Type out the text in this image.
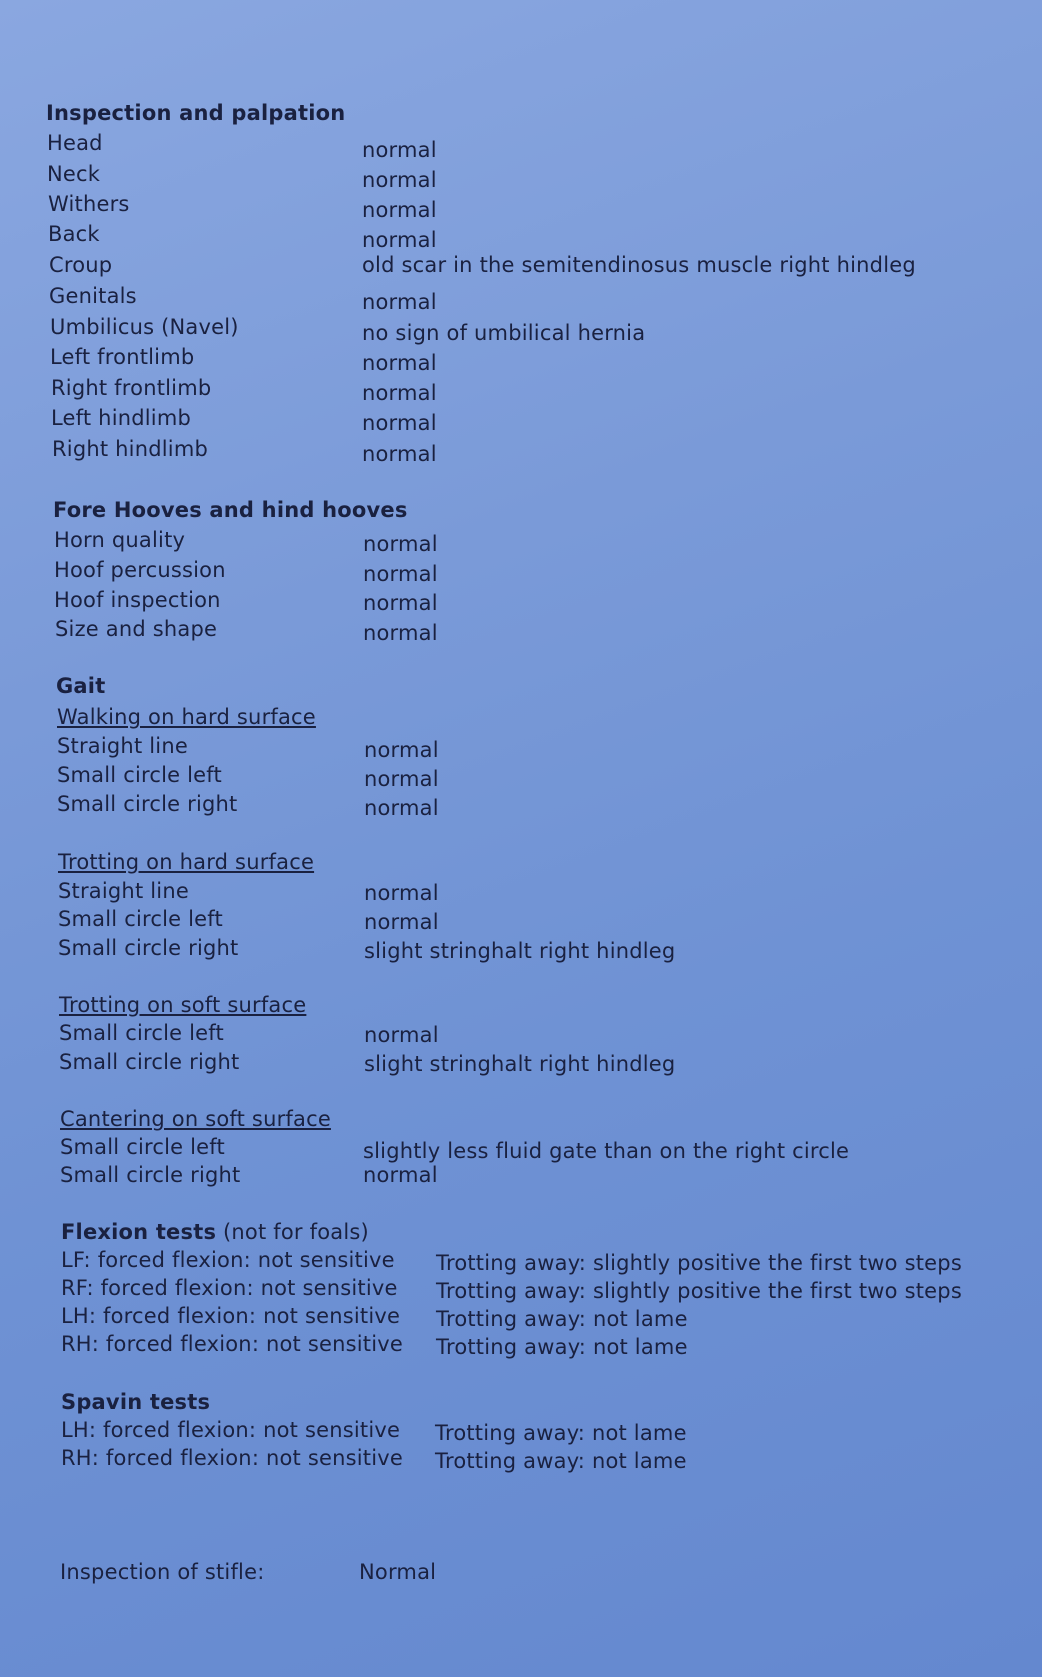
Inspection and palpation
Head	normal
Neck	normal
Withers	normal
Back	normal
Croup	old scar in the semitendinosus muscle right hindleg
Genitals	normal
Umbilicus (Navel)	no sign of umbilical hernia
Left frontlimb	normal
Right frontlimb	normal
Left hindlimb	normal
Right hindlimb	normal
Fore Hooves and hind hooves
Horn quality	normal
Hoof percussion	normal
Hoof inspection	normal
Size and shape	normal
Gait
Walking on hard surface
Straight line	normal
Small circle left	normal
Small circle right	normal
Trotting on hard surface
Straight line	normal
Small circle left	normal
Small circle right	slight stringhalt right hindleg
Trotting on soft surface
Small circle left	normal
Small circle right	slight stringhalt right hindleg
Cantering on soft surface
Small circle left	slightly less fluid gate than on the right circle
Small circle right	normal
Flexion tests (not for foals)
LF: forced flexion: not sensitive Trotting away: slightly positive the first two steps
RF: forced flexion: not sensitive Trotting away: slightly positive the first two steps
LH: forced flexion: not sensitive Trotting away: not lame
RH: forced flexion: not sensitive Trotting away: not lame
Spavin tests
LH: forced flexion: not sensitive Trotting away: not lame
RH: forced flexion: not sensitive Trotting away: not lame
Inspection of stifle:	Normal
